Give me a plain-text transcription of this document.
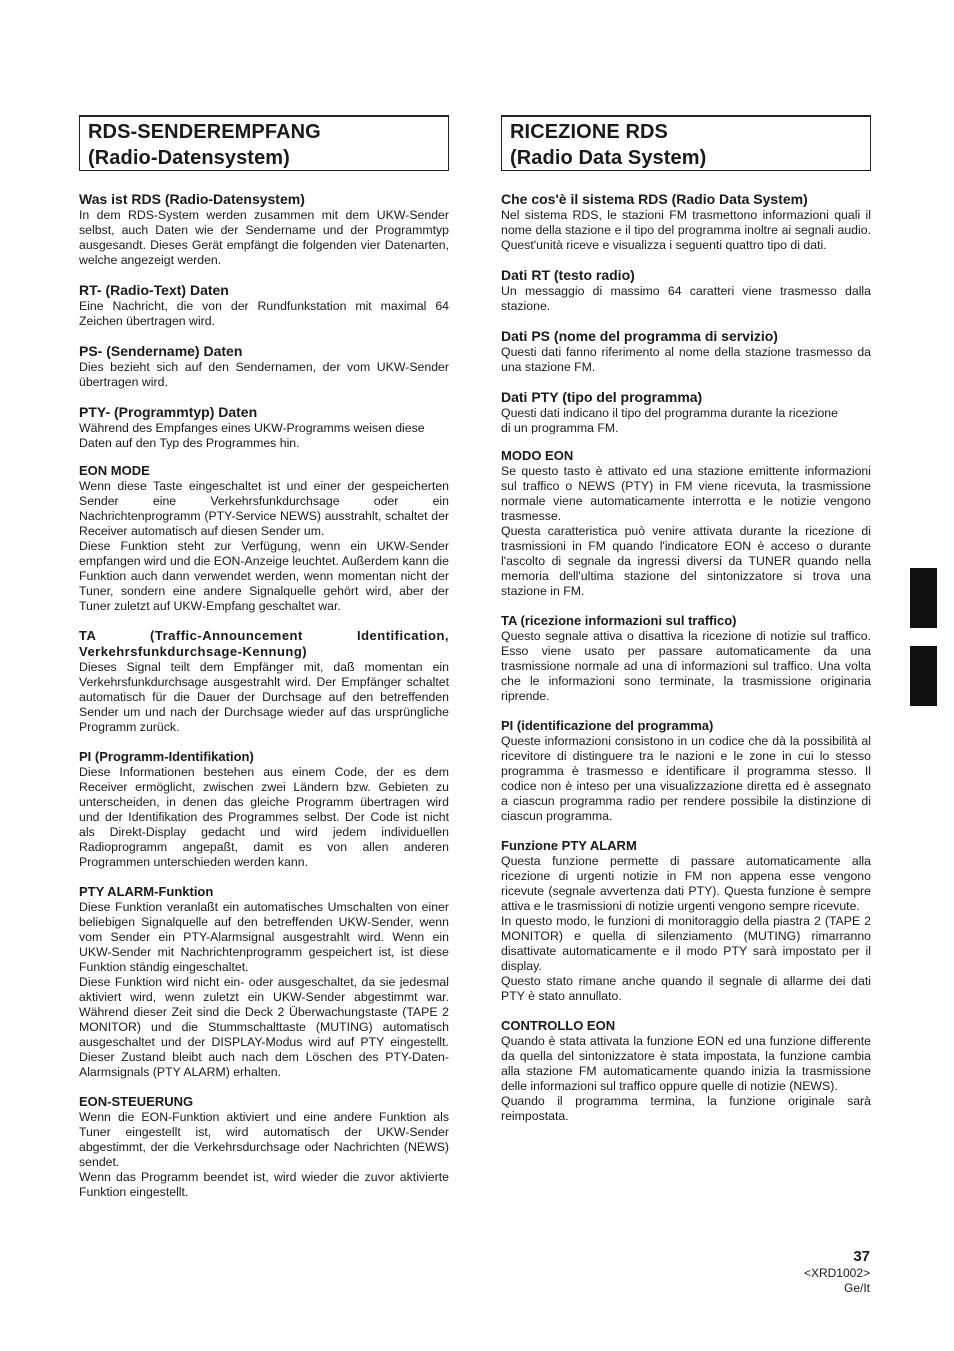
RDS-SENDEREMPFANG
(Radio-Datensystem)
Was ist RDS (Radio-Datensystem)

In dem RDS-System werden zusammen mit dem UKW-Sender selbst, auch Daten wie der Sendername und der Programmtyp ausgesandt. Dieses Gerät empfängt die folgenden vier Datenarten, welche angezeigt werden.

RT- (Radio-Text) Daten

Eine Nachricht, die von der Rundfunkstation mit maximal 64 Zeichen übertragen wird.

PS- (Sendername) Daten

Dies bezieht sich auf den Sendernamen, der vom UKW-Sender übertragen wird.

PTY- (Programmtyp) Daten

Während des Empfanges eines UKW-Programms weisen diese

Daten auf den Typ des Programmes hin.

EON MODE

Wenn diese Taste eingeschaltet ist und einer der gespeicherten Sender eine Verkehrsfunkdurchsage oder ein Nachrichtenprogramm (PTY-Service NEWS) ausstrahlt, schaltet der Receiver automatisch auf diesen Sender um.

Diese Funktion steht zur Verfügung, wenn ein UKW-Sender empfangen wird und die EON-Anzeige leuchtet. Außerdem kann die Funktion auch dann verwendet werden, wenn momentan nicht der Tuner, sondern eine andere Signalquelle gehört wird, aber der Tuner zuletzt auf UKW-Empfang geschaltet war.

TA (Traffic-Announcement Identification, Verkehrsfunkdurchsage-Kennung)

Dieses Signal teilt dem Empfänger mit, daß momentan ein Verkehrsfunkdurchsage ausgestrahlt wird. Der Empfänger schaltet automatisch für die Dauer der Durchsage auf den betreffenden Sender um und nach der Durchsage wieder auf das ursprüngliche Programm zurück.

PI (Programm-Identifikation)

Diese Informationen bestehen aus einem Code, der es dem Receiver ermöglicht, zwischen zwei Ländern bzw. Gebieten zu unterscheiden, in denen das gleiche Programm übertragen wird und der Identifikation des Programmes selbst. Der Code ist nicht als Direkt-Display gedacht und wird jedem individuellen Radioprogramm angepaßt, damit es von allen anderen Programmen unterschieden werden kann.

PTY ALARM-Funktion

Diese Funktion veranlaßt ein automatisches Umschalten von einer beliebigen Signalquelle auf den betreffenden UKW-Sender, wenn vom Sender ein PTY-Alarmsignal ausgestrahlt wird. Wenn ein UKW-Sender mit Nachrichtenprogramm gespeichert ist, ist diese Funktion ständig eingeschaltet.

Diese Funktion wird nicht ein- oder ausgeschaltet, da sie jedesmal aktiviert wird, wenn zuletzt ein UKW-Sender abgestimmt war. Während dieser Zeit sind die Deck 2 Überwachungstaste (TAPE 2 MONITOR) und die Stummschalttaste (MUTING) automatisch ausgeschaltet und der DISPLAY-Modus wird auf PTY eingestellt. Dieser Zustand bleibt auch nach dem Löschen des PTY-Daten-Alarmsignals (PTY ALARM) erhalten.

EON-STEUERUNG

Wenn die EON-Funktion aktiviert und eine andere Funktion als Tuner eingestellt ist, wird automatisch der UKW-Sender abgestimmt, der die Verkehrsdurchsage oder Nachrichten (NEWS) sendet.

Wenn das Programm beendet ist, wird wieder die zuvor aktivierte Funktion eingestellt.

RICEZIONE RDS
(Radio Data System)
Che cos'è il sistema RDS (Radio Data System)

Nel sistema RDS, le stazioni FM trasmettono informazioni quali il nome della stazione e il tipo del programma inoltre ai segnali audio. Quest'unità riceve e visualizza i seguenti quattro tipo di dati.

Dati RT (testo radio)

Un messaggio di massimo 64 caratteri viene trasmesso dalla stazione.

Dati PS (nome del programma di servizio)

Questi dati fanno riferimento al nome della stazione trasmesso da una stazione FM.

Dati PTY (tipo del programma)

Questi dati indicano il tipo del programma durante la ricezione

di un programma FM.

MODO EON

Se questo tasto è attivato ed una stazione emittente informazioni sul traffico o NEWS (PTY) in FM viene ricevuta, la trasmissione normale viene automaticamente interrotta e le notizie vengono trasmesse.

Questa caratteristica può venire attivata durante la ricezione di trasmissioni in FM quando l'indicatore EON è acceso o durante l'ascolto di segnale da ingressi diversi da TUNER quando nella memoria dell'ultima stazione del sintonizzatore si trova una stazione in FM.

TA (ricezione informazioni sul traffico)

Questo segnale attiva o disattiva la ricezione di notizie sul traffico. Esso viene usato per passare automaticamente da una trasmissione normale ad una di informazioni sul traffico. Una volta che le informazioni sono terminate, la trasmissione originaria riprende.

PI (identificazione del programma)

Queste informazioni consistono in un codice che dà la possibilità al ricevitore di distinguere tra le nazioni e le zone in cui lo stesso programma è trasmesso e identificare il programma stesso. Il codice non è inteso per una visualizzazione diretta ed è assegnato a ciascun programma radio per rendere possibile la distinzione di ciascun programma.

Funzione PTY ALARM

Questa funzione permette di passare automaticamente alla ricezione di urgenti notizie in FM non appena esse vengono ricevute (segnale avvertenza dati PTY). Questa funzione è sempre attiva e le trasmissioni di notizie urgenti vengono sempre ricevute.

In questo modo, le funzioni di monitoraggio della piastra 2 (TAPE 2 MONITOR) e quella di silenziamento (MUTING) rimarranno disattivate automaticamente e il modo PTY sarà impostato per il display.

Questo stato rimane anche quando il segnale di allarme dei dati PTY è stato annullato.

CONTROLLO EON

Quando è stata attivata la funzione EON ed una funzione differente da quella del sintonizzatore è stata impostata, la funzione cambia alla stazione FM automaticamente quando inizia la trasmissione delle informazioni sul traffico oppure quelle di notizie (NEWS).

Quando il programma termina, la funzione originale sarà reimpostata.

37
<XRD1002>
Ge/It
